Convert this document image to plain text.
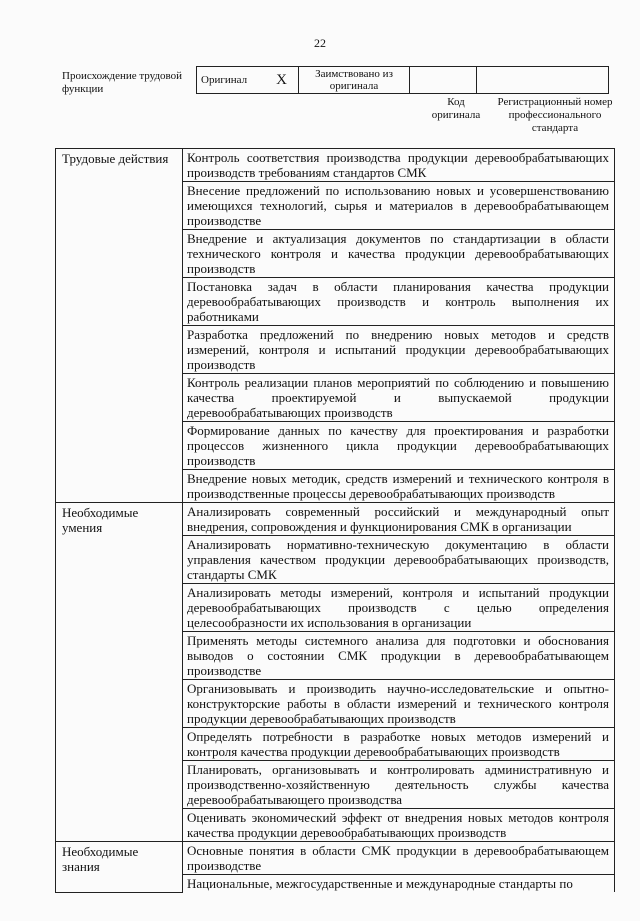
22
Происхождение трудовой функции
Оригинал	X	Заимствовано из оригинала		
Код оригинала
Регистрационный номер профессионального стандарта
Трудовые действия	Контроль соответствия производства продукции деревообрабатывающих производств требованиям стандартов СМК
	Внесение предложений по использованию новых и усовершенствованию имеющихся технологий, сырья и материалов в деревообрабатывающем производстве
	Внедрение и актуализация документов по стандартизации в области технического контроля и качества продукции деревообрабатывающих производств
	Постановка задач в области планирования качества продукции деревообрабатывающих производств и контроль выполнения их работниками
	Разработка предложений по внедрению новых методов и средств измерений, контроля и испытаний продукции деревообрабатывающих производств
	Контроль реализации планов мероприятий по соблюдению и повышению качества проектируемой и выпускаемой продукции деревообрабатывающих производств
	Формирование данных по качеству для проектирования и разработки процессов жизненного цикла продукции деревообрабатывающих производств
	Внедрение новых методик, средств измерений и технического контроля в производственные процессы деревообрабатывающих производств
Необходимые умения	Анализировать современный российский и международный опыт внедрения, сопровождения и функционирования СМК в организации
	Анализировать нормативно-техническую документацию в области управления качеством продукции деревообрабатывающих производств, стандарты СМК
	Анализировать методы измерений, контроля и испытаний продукции деревообрабатывающих производств с целью определения целесообразности их использования в организации
	Применять методы системного анализа для подготовки и обоснования выводов о состоянии СМК продукции в деревообрабатывающем производстве
	Организовывать и производить научно-исследовательские и опытно-конструкторские работы в области измерений и технического контроля продукции деревообрабатывающих производств
	Определять потребности в разработке новых методов измерений и контроля качества продукции деревообрабатывающих производств
	Планировать, организовывать и контролировать административную и производственно-хозяйственную деятельность службы качества деревообрабатывающего производства
	Оценивать экономический эффект от внедрения новых методов контроля качества продукции деревообрабатывающих производств
Необходимые знания	Основные понятия в области СМК продукции в деревообрабатывающем производстве
	Национальные, межгосударственные и международные стандарты по
